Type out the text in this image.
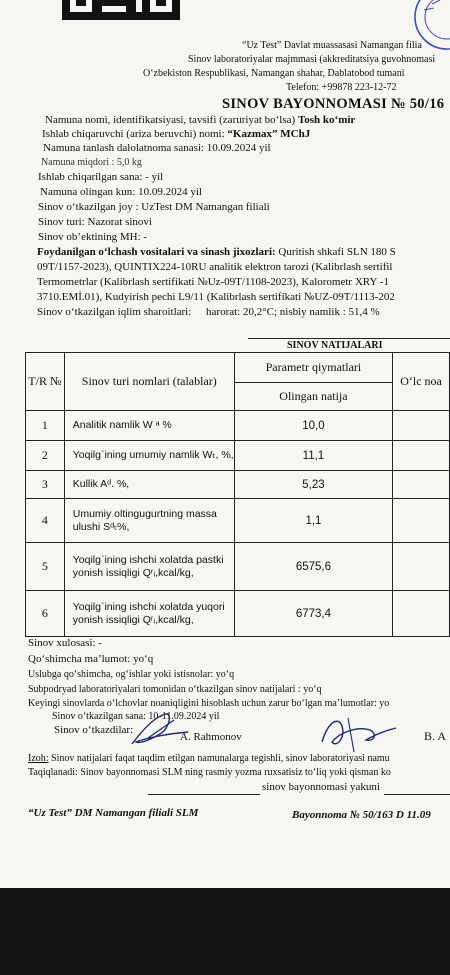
“Uz Test” Davlat muassasasi Namangan filia
Sinov laboratoriyalar majmmasi (akkreditatsiya guvohnomasi
O‘zbekiston Respublikasi, Namangan shahar, Dablatobod tumani
Telefon: +99878 223-12-72
SINOV BAYONNOMASI № 50/16
Namuna nomi, identifikatsiyasi, tavsifi (zaruriyat bo‘lsa) Tosh ko‘mir
Ishlab chiqaruvchi (ariza beruvchi) nomi: “Kazmax” MChJ
Namuna tanlash dalolatnoma sanasi: 10.09.2024 yil
Namuna miqdori : 5,0 kg
Ishlab chiqarilgan sana: - yil
Namuna olingan kun: 10.09.2024 yil
Sinov o‘tkazilgan joy : UzTest DM Namangan filiali
Sinov turi: Nazorat sinovi
Sinov ob’ektining MH: -
Foydanilgan o‘lchash vositalari va sinash jixozlari: Quritish shkafi SLN 180 S
09T/1157-2023), QUINTIX224-10RU analitik elektron tarozi (Kalibrlash sertifil
Termometrlar (Kalibrlash sertifikati №Uz-09T/1108-2023), Kalorometr XRY -1
3710.EMİ.01), Kudyirish pechi L9/11 (Kalibrlash sertifikati №UZ-09T/1113-202
Sinov o‘tkazilgan iqlim sharoitlari: harorat: 20,2°C; nisbiy namlik : 51,4 %
SINOV NATIJALARI
T/R №	Sinov turi nomlari (talablar)	Parametr qiymatlari	O‘lc noa
		Olingan natija	
1	Analitik namlik W ᵃ %	10,0	
2	Yoqilg`ining umumiy namlik Wₜ, %,	11,1	
3	Kullik Aᵈ. %,	5,23	
4	Umumiy oltingugurtning massa ulushi Sᵈₜ%,	1,1	
5	Yoqilg`ining ishchi xolatda pastki yonish issiqligi Qʳᵢ,kcal/kg,	6575,6	
6	Yoqilg`ining ishchi xolatda yuqori yonish issiqligi Qʳᵢ,kcal/kg,	6773,4	
Sinov xulosasi: -
Qo‘shimcha ma’lumot: yo‘q
Uslubga qo‘shimcha, og‘ishlar yoki istisnolar: yo‘q
Subpodryad laboratoriyalari tomonidan o‘tkazilgan sinov natijalari : yo‘q
Keyingi sinovlarda o‘lchovlar noaniqligini hisoblash uchun zarur bo‘lgan ma’lumotlar: yo
Sinov o‘tkazilgan sana: 10-11.09.2024 yil
Sinov o‘tkazdilar:
A. Rahmonov	B. A
Izoh: Sinov natijalari faqat taqdim etilgan namunalarga tegishli, sinov laboratoriyasi namu
Taqiqlanadi: Sinov bayonnomasi SLM ning rasmiy yozma ruxsatisiz to‘liq yoki qisman ko
sinov bayonnomasi yakuni
“Uz Test” DM Namangan filiali SLM	Bayonnoma № 50/163 D 11.09
